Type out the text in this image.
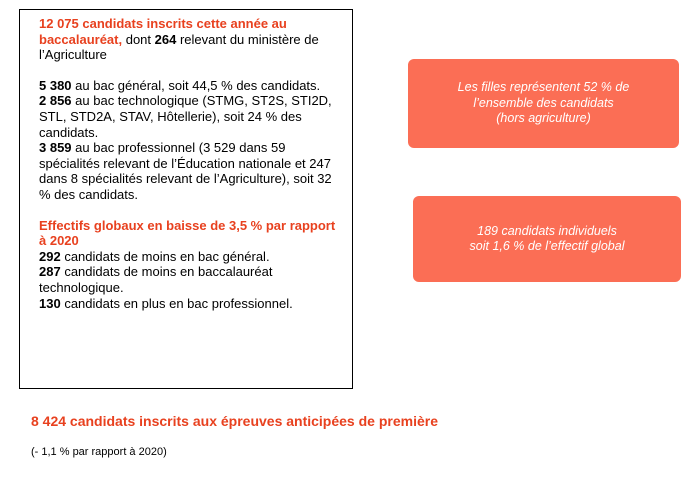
12 075 candidats inscrits cette année au baccalauréat, dont 264 relevant du ministère de l’Agriculture

5 380 au bac général, soit 44,5 % des candidats.

2 856 au bac technologique (STMG, ST2S, STI2D, STL, STD2A, STAV, Hôtellerie), soit 24 % des candidats.

3 859 au bac professionnel (3 529 dans 59 spécialités relevant de l’Éducation nationale et 247 dans 8 spécialités relevant de l’Agriculture), soit 32 % des candidats.

Effectifs globaux en baisse de 3,5 % par rapport à 2020

292 candidats de moins en bac général.

287 candidats de moins en baccalauréat technologique.

130 candidats en plus en bac professionnel.

Les filles représentent 52 % de
l’ensemble des candidats
(hors agriculture)
189 candidats individuels
soit 1,6 % de l’effectif global
8 424 candidats inscrits aux épreuves anticipées de première
(- 1,1 % par rapport à 2020)
